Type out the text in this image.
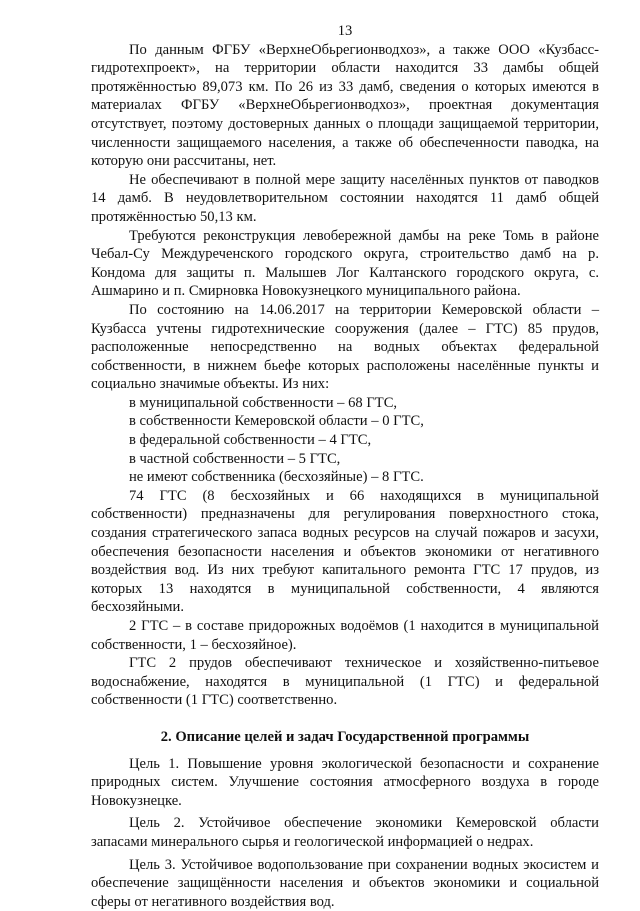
13

По данным ФГБУ «ВерхнеОбьрегионводхоз», а также ООО «Кузбасс-гидротехпроект», на территории области находится 33 дамбы общей протяжённостью 89,073 км. По 26 из 33 дамб, сведения о которых имеются в материалах ФГБУ «ВерхнеОбьрегионводхоз», проектная документация отсутствует, поэтому достоверных данных о площади защищаемой территории, численности защищаемого населения, а также об обеспеченности паводка, на которую они рассчитаны, нет.

Не обеспечивают в полной мере защиту населённых пунктов от паводков 14 дамб. В неудовлетворительном состоянии находятся 11 дамб общей протяжённостью 50,13 км.

Требуются реконструкция левобережной дамбы на реке Томь в районе Чебал-Су Междуреченского городского округа, строительство дамб на р. Кондома для защиты п. Малышев Лог Калтанского городского округа, с. Ашмарино и п. Смирновка Новокузнецкого муниципального района.

По состоянию на 14.06.2017 на территории Кемеровской области – Кузбасса учтены гидротехнические сооружения (далее – ГТС) 85 прудов, расположенные непосредственно на водных объектах федеральной собственности, в нижнем бьефе которых расположены населённые пункты и социально значимые объекты. Из них:

в муниципальной собственности – 68 ГТС,

в собственности Кемеровской области – 0 ГТС,

в федеральной собственности – 4 ГТС,

в частной собственности – 5 ГТС,

не имеют собственника (бесхозяйные) – 8 ГТС.

74 ГТС (8 бесхозяйных и 66 находящихся в муниципальной собственности) предназначены для регулирования поверхностного стока, создания стратегического запаса водных ресурсов на случай пожаров и засухи, обеспечения безопасности населения и объектов экономики от негативного воздействия вод. Из них требуют капитального ремонта ГТС 17 прудов, из которых 13 находятся в муниципальной собственности, 4 являются бесхозяйными.

2 ГТС – в составе придорожных водоёмов (1 находится в муниципальной собственности, 1 – бесхозяйное).

ГТС 2 прудов обеспечивают техническое и хозяйственно-питьевое водоснабжение, находятся в муниципальной (1 ГТС) и федеральной собственности (1 ГТС) соответственно.

2. Описание целей и задач Государственной программы

Цель 1. Повышение уровня экологической безопасности и сохранение природных систем. Улучшение состояния атмосферного воздуха в городе Новокузнецке.

Цель 2. Устойчивое обеспечение экономики Кемеровской области запасами минерального сырья и геологической информацией о недрах.

Цель 3. Устойчивое водопользование при сохранении водных экосистем и обеспечение защищённости населения и объектов экономики и социальной сферы от негативного воздействия вод.
